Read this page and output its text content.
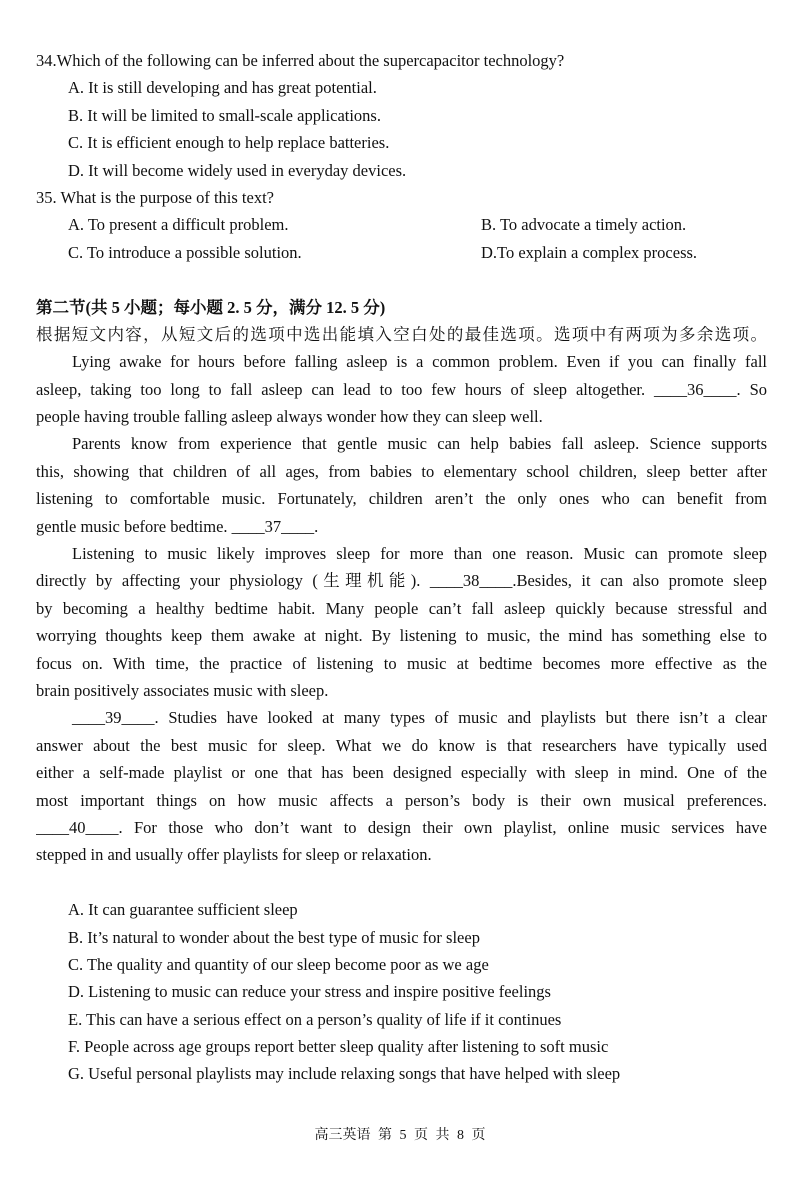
34.Which of the following can be inferred about the supercapacitor technology?
A. It is still developing and has great potential.
B. It will be limited to small-scale applications.
C. It is efficient enough to help replace batteries.
D. It will become widely used in everyday devices.
35. What is the purpose of this text?
A. To present a difficult problem.	B. To advocate a timely action.
C. To introduce a possible solution.	D.To explain a complex process.
第二节(共 5 小题；每小题 2. 5 分，满分 12. 5 分)
根据短文内容，从短文后的选项中选出能填入空白处的最佳选项。选项中有两项为多余选项。
Lying awake for hours before falling asleep is a common problem. Even if you can finally fall
asleep, taking too long to fall asleep can lead to too few hours of sleep altogether. ____36____. So
people having trouble falling asleep always wonder how they can sleep well.
Parents know from experience that gentle music can help babies fall asleep. Science supports
this, showing that children of all ages, from babies to elementary school children, sleep better after
listening to comfortable music. Fortunately, children aren’t the only ones who can benefit from
gentle music before bedtime. ____37____.
Listening to music likely improves sleep for more than one reason. Music can promote sleep
directly by affecting your physiology (生理机能). ____38____.Besides, it can also promote sleep
by becoming a healthy bedtime habit. Many people can’t fall asleep quickly because stressful and
worrying thoughts keep them awake at night. By listening to music, the mind has something else to
focus on. With time, the practice of listening to music at bedtime becomes more effective as the
brain positively associates music with sleep.
____39____. Studies have looked at many types of music and playlists but there isn’t a clear
answer about the best music for sleep. What we do know is that researchers have typically used
either a self-made playlist or one that has been designed especially with sleep in mind. One of the
most important things on how music affects a person’s body is their own musical preferences.
____40____. For those who don’t want to design their own playlist, online music services have
stepped in and usually offer playlists for sleep or relaxation.
A. It can guarantee sufficient sleep
B. It’s natural to wonder about the best type of music for sleep
C. The quality and quantity of our sleep become poor as we age
D. Listening to music can reduce your stress and inspire positive feelings
E. This can have a serious effect on a person’s quality of life if it continues
F. People across age groups report better sleep quality after listening to soft music
G. Useful personal playlists may include relaxing songs that have helped with sleep
高三英语 第 5 页 共 8 页
